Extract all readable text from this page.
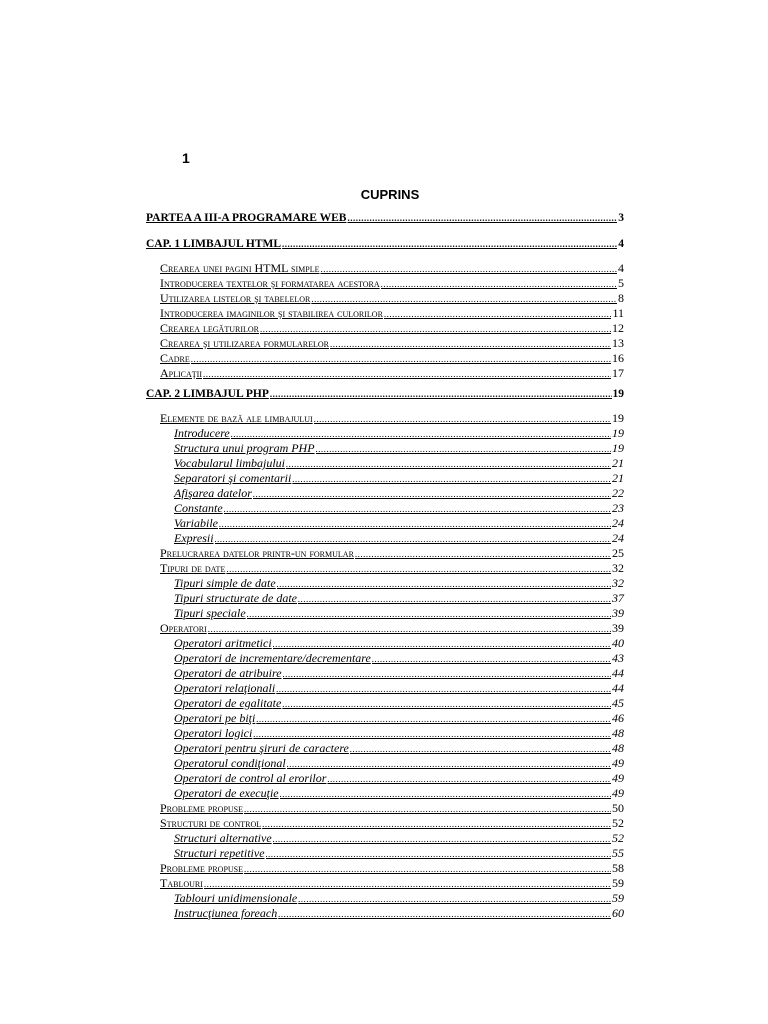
1
CUPRINS
PARTEA A III-A PROGRAMARE WEB .....	3
CAP. 1 LIMBAJUL HTML .....	4
Crearea unei pagini HTML simple .....	4
Introducerea textelor şi formatarea acestora .....	5
Utilizarea listelor şi tabelelor .....	8
Introducerea imaginilor şi stabilirea culorilor .....	11
Crearea legăturilor .....	12
Crearea şi utilizarea formularelor .....	13
Cadre .....	16
Aplicaţii .....	17
CAP. 2 LIMBAJUL PHP .....	19
Elemente de bază ale limbajului .....	19
Introducere .....	19
Structura unui program PHP .....	19
Vocabularul limbajului .....	21
Separatori şi comentarii .....	21
Afişarea datelor .....	22
Constante .....	23
Variabile .....	24
Expresii .....	24
Prelucrarea datelor printr-un formular .....	25
Tipuri de date .....	32
Tipuri simple de date .....	32
Tipuri structurate de date .....	37
Tipuri speciale .....	39
Operatori .....	39
Operatori aritmetici .....	40
Operatori de incrementare/decrementare .....	43
Operatori de atribuire .....	44
Operatori relaţionali .....	44
Operatori de egalitate .....	45
Operatori pe biţi .....	46
Operatori logici .....	48
Operatori pentru şiruri de caractere .....	48
Operatorul condiţional .....	49
Operatori de control al erorilor .....	49
Operatori de execuţie .....	49
Probleme propuse .....	50
Structuri de control .....	52
Structuri alternative .....	52
Structuri repetitive .....	55
Probleme propuse .....	58
Tablouri .....	59
Tablouri unidimensionale .....	59
Instrucţiunea foreach .....	60
